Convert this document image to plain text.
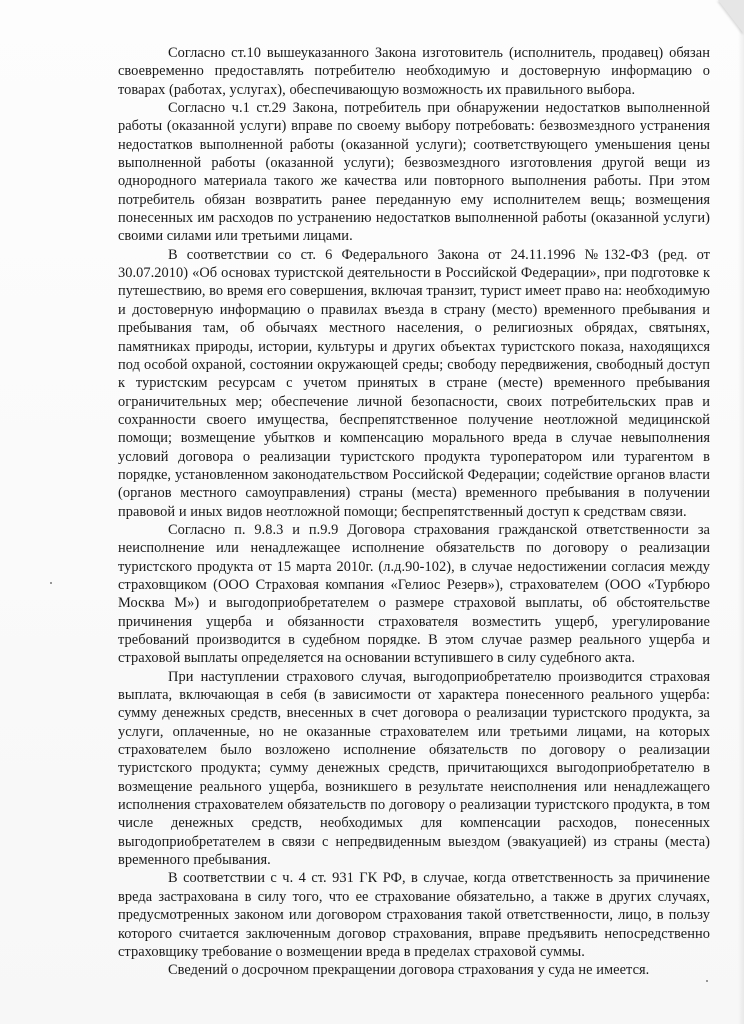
Согласно ст.10 вышеуказанного Закона изготовитель (исполнитель, продавец) обязан своевременно предоставлять потребителю необходимую и достоверную информацию о товарах (работах, услугах), обеспечивающую возможность их правильного выбора.

Согласно ч.1 ст.29 Закона, потребитель при обнаружении недостатков выполненной работы (оказанной услуги) вправе по своему выбору потребовать: безвозмездного устранения недостатков выполненной работы (оказанной услуги); соответствующего уменьшения цены выполненной работы (оказанной услуги); безвозмездного изготовления другой вещи из однородного материала такого же качества или повторного выполнения работы. При этом потребитель обязан возвратить ранее переданную ему исполнителем вещь; возмещения понесенных им расходов по устранению недостатков выполненной работы (оказанной услуги) своими силами или третьими лицами.

В соответствии со ст. 6 Федерального Закона от 24.11.1996 №132-ФЗ (ред. от 30.07.2010) «Об основах туристской деятельности в Российской Федерации», при подготовке к путешествию, во время его совершения, включая транзит, турист имеет право на: необходимую и достоверную информацию о правилах въезда в страну (место) временного пребывания и пребывания там, об обычаях местного населения, о религиозных обрядах, святынях, памятниках природы, истории, культуры и других объектах туристского показа, находящихся под особой охраной, состоянии окружающей среды; свободу передвижения, свободный доступ к туристским ресурсам с учетом принятых в стране (месте) временного пребывания ограничительных мер; обеспечение личной безопасности, своих потребительских прав и сохранности своего имущества, беспрепятственное получение неотложной медицинской помощи; возмещение убытков и компенсацию морального вреда в случае невыполнения условий договора о реализации туристского продукта туроператором или турагентом в порядке, установленном законодательством Российской Федерации; содействие органов власти (органов местного самоуправления) страны (места) временного пребывания в получении правовой и иных видов неотложной помощи; беспрепятственный доступ к средствам связи.

Согласно п. 9.8.3 и п.9.9 Договора страхования гражданской ответственности за неисполнение или ненадлежащее исполнение обязательств по договору о реализации туристского продукта от 15 марта 2010г. (л.д.90-102), в случае недостижении согласия между страховщиком (ООО Страховая компания «Гелиос Резерв»), страхователем (ООО «Турбюро Москва М») и выгодоприобретателем о размере страховой выплаты, об обстоятельстве причинения ущерба и обязанности страхователя возместить ущерб, урегулирование требований производится в судебном порядке. В этом случае размер реального ущерба и страховой выплаты определяется на основании вступившего в силу судебного акта.

При наступлении страхового случая, выгодоприобретателю производится страховая выплата, включающая в себя (в зависимости от характера понесенного реального ущерба: сумму денежных средств, внесенных в счет договора о реализации туристского продукта, за услуги, оплаченные, но не оказанные страхователем или третьими лицами, на которых страхователем было возложено исполнение обязательств по договору о реализации туристского продукта; сумму денежных средств, причитающихся выгодоприобретателю в возмещение реального ущерба, возникшего в результате неисполнения или ненадлежащего исполнения страхователем обязательств по договору о реализации туристского продукта, в том числе денежных средств, необходимых для компенсации расходов, понесенных выгодоприобретателем в связи с непредвиденным выездом (эвакуацией) из страны (места) временного пребывания.

В соответствии с ч. 4 ст. 931 ГК РФ, в случае, когда ответственность за причинение вреда застрахована в силу того, что ее страхование обязательно, а также в других случаях, предусмотренных законом или договором страхования такой ответственности, лицо, в пользу которого считается заключенным договор страхования, вправе предъявить непосредственно страховщику требование о возмещении вреда в пределах страховой суммы.

Сведений о досрочном прекращении договора страхования у суда не имеется.
